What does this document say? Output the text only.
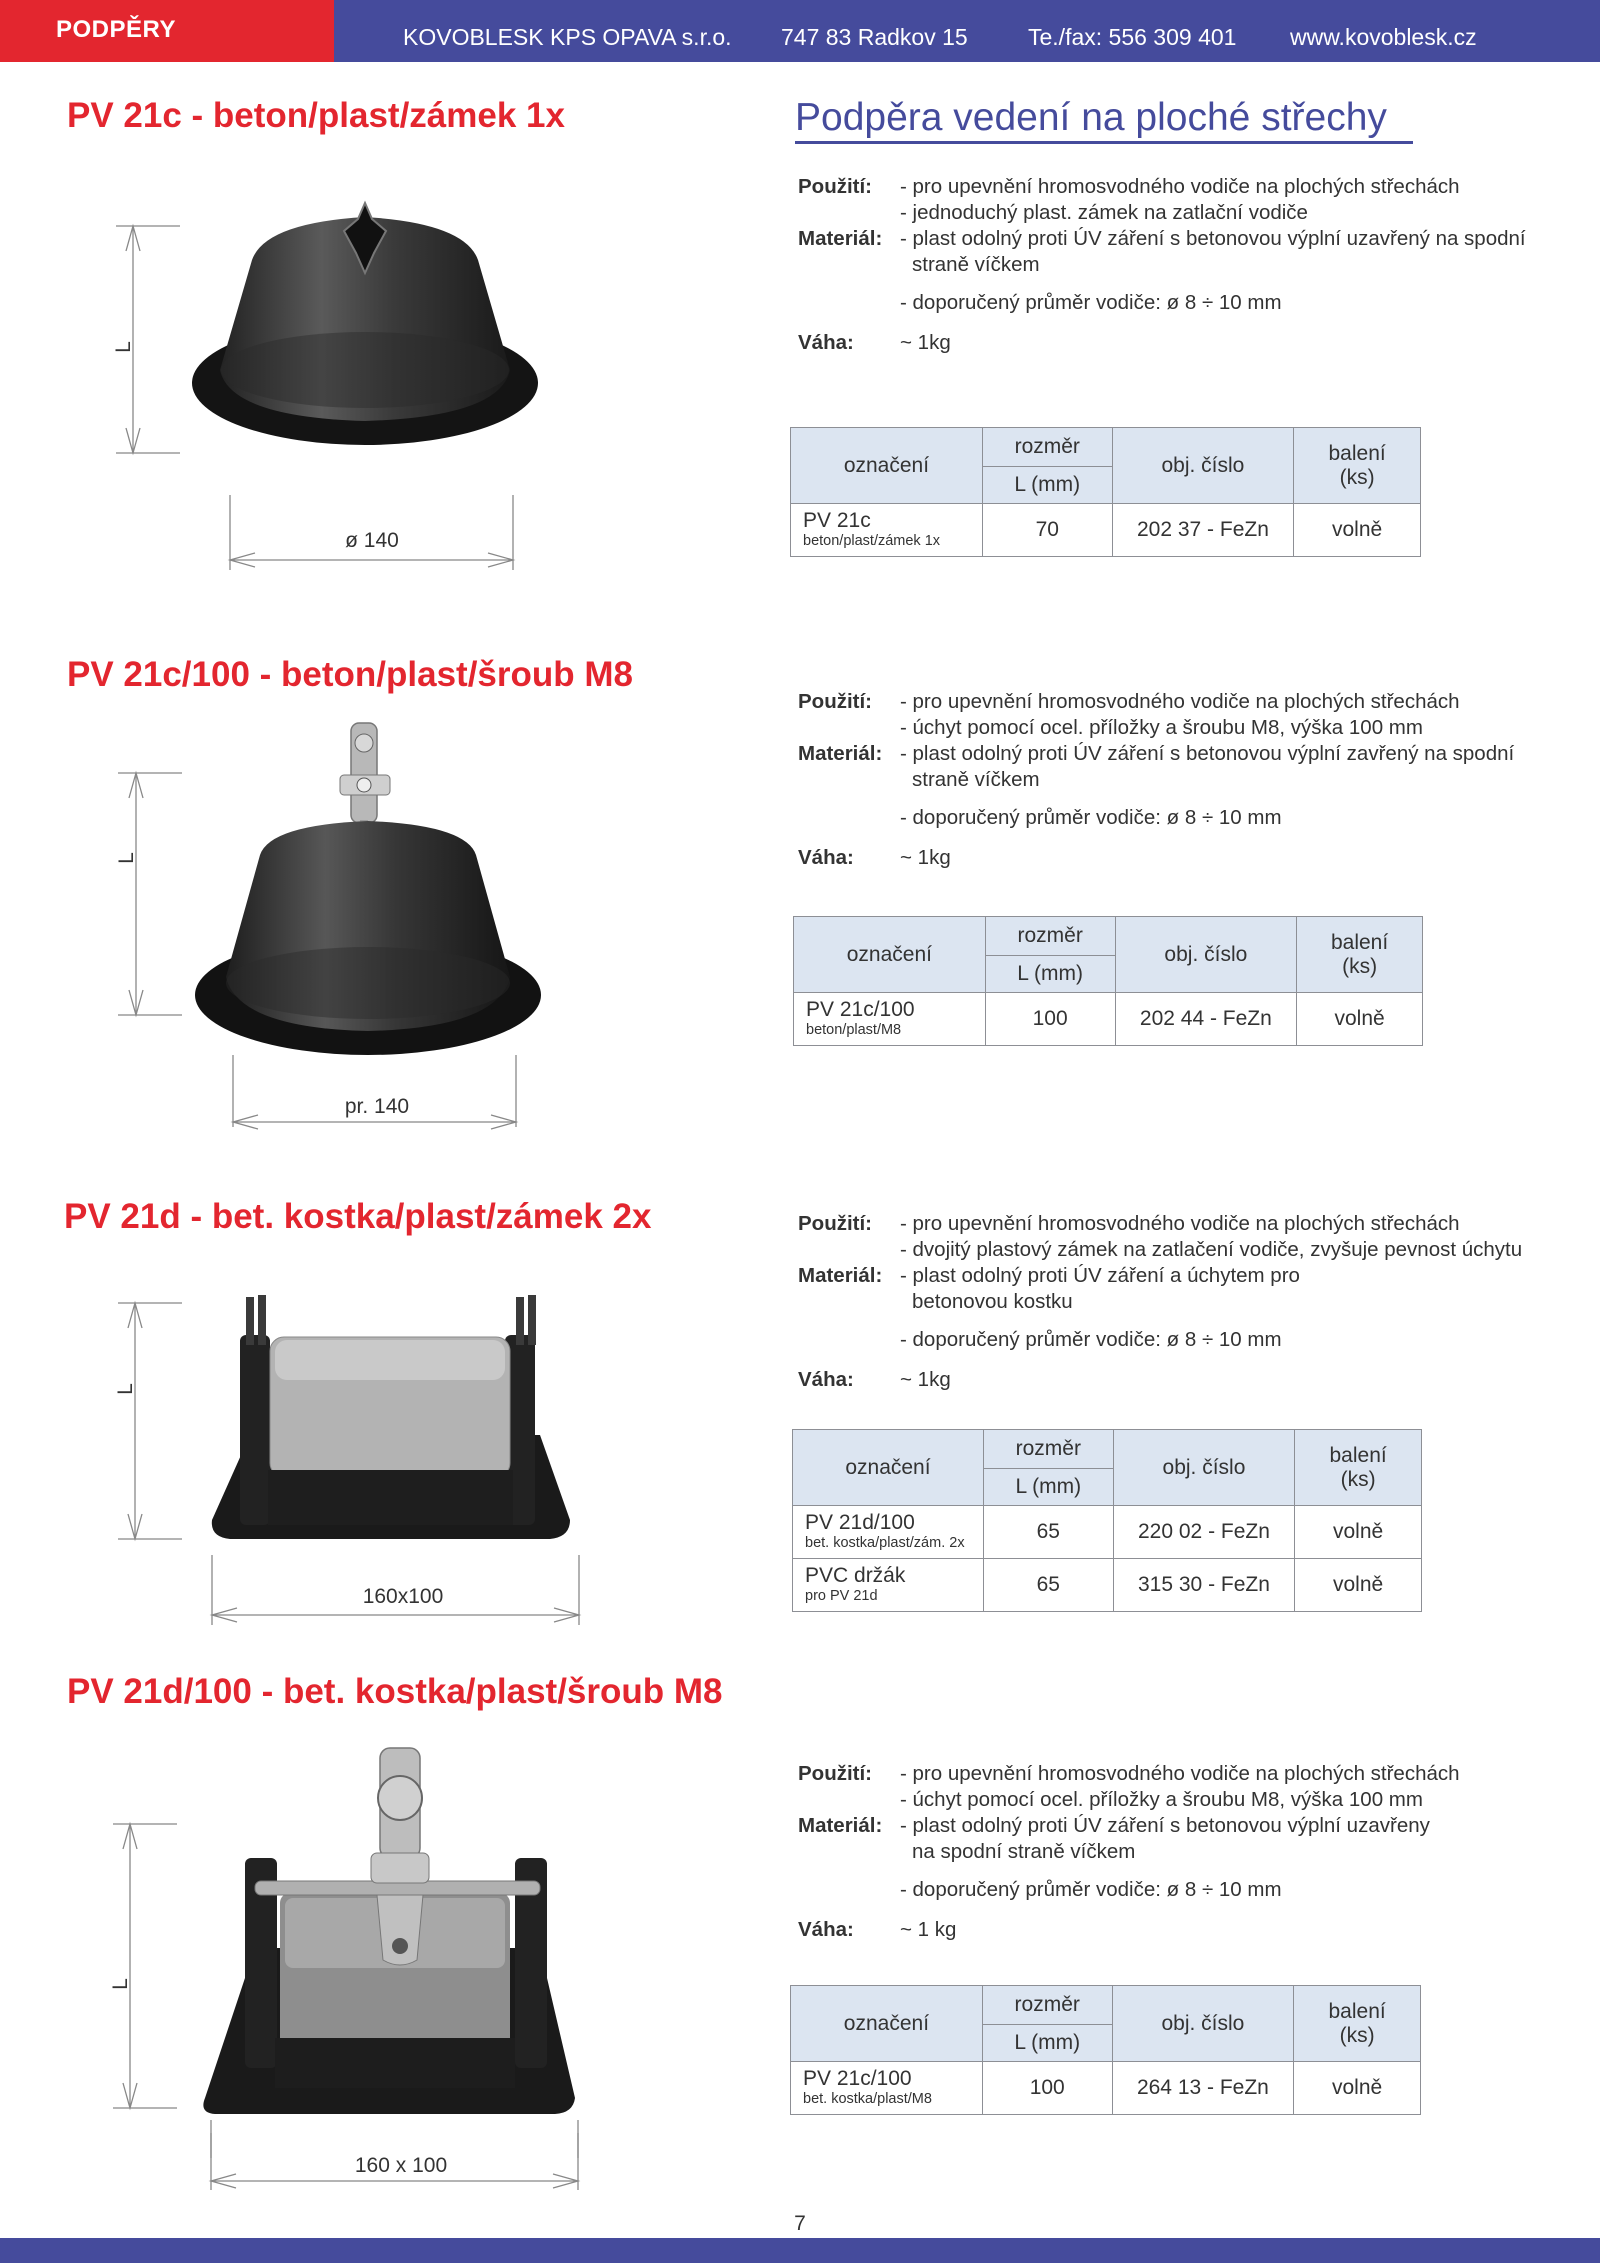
PODPĚRY	KOVOBLESK KPS OPAVA s.r.o. 747 83 Radkov 15	Te./fax: 556 309 401 www.kovoblesk.cz
Podpěra vedení na ploché střechy
PV 21c - beton/plast/zámek 1x
L
ø 140
Použití:	- pro upevnění hromosvodného vodiče na plochých střechách
- jednoduchý plast. zámek na zatlační vodiče
Materiál: - plast odolný proti ÚV záření s betonovou výplní uzavřený na spodní
straně víčkem
- doporučený průměr vodiče: ø 8 ÷ 10 mm
Váha:	~ 1kg
označení	rozměr	obj. číslo	balení
(ks)
	L (mm)		

PV 21c
beton/plast/zámek 1x	70	202 37 - FeZn	volně
PV 21c/100 - beton/plast/šroub M8
L
pr. 140
Použití:	- pro upevnění hromosvodného vodiče na plochých střechách
- úchyt pomocí ocel. příložky a šroubu M8, výška 100 mm
Materiál: - plast odolný proti ÚV záření s betonovou výplní zavřený na spodní
straně víčkem
- doporučený průměr vodiče: ø 8 ÷ 10 mm
Váha:	~ 1kg
označení	rozměr	obj. číslo	balení
(ks)
	L (mm)		

PV 21c/100
beton/plast/M8	100	202 44 - FeZn	volně
PV 21d - bet. kostka/plast/zámek 2x
L
160x100
Použití:	- pro upevnění hromosvodného vodiče na plochých střechách
- dvojitý plastový zámek na zatlačení vodiče, zvyšuje pevnost úchytu
Materiál: - plast odolný proti ÚV záření a úchytem pro
betonovou kostku
- doporučený průměr vodiče: ø 8 ÷ 10 mm
Váha:	~ 1kg
označení	rozměr	obj. číslo	balení
(ks)
	L (mm)		

PV 21d/100
bet. kostka/plast/zám. 2x	65	220 02 - FeZn	volně

PVC držák
pro PV 21d	65	315 30 - FeZn	volně
PV 21d/100 - bet. kostka/plast/šroub M8
L
160 x 100
Použití:	- pro upevnění hromosvodného vodiče na plochých střechách
- úchyt pomocí ocel. příložky a šroubu M8, výška 100 mm
Materiál: - plast odolný proti ÚV záření s betonovou výplní uzavřeny
na spodní straně víčkem
- doporučený průměr vodiče: ø 8 ÷ 10 mm
Váha:	~ 1 kg
označení	rozměr	obj. číslo	balení
(ks)
	L (mm)		

PV 21c/100
bet. kostka/plast/M8	100	264 13 - FeZn	volně
7
